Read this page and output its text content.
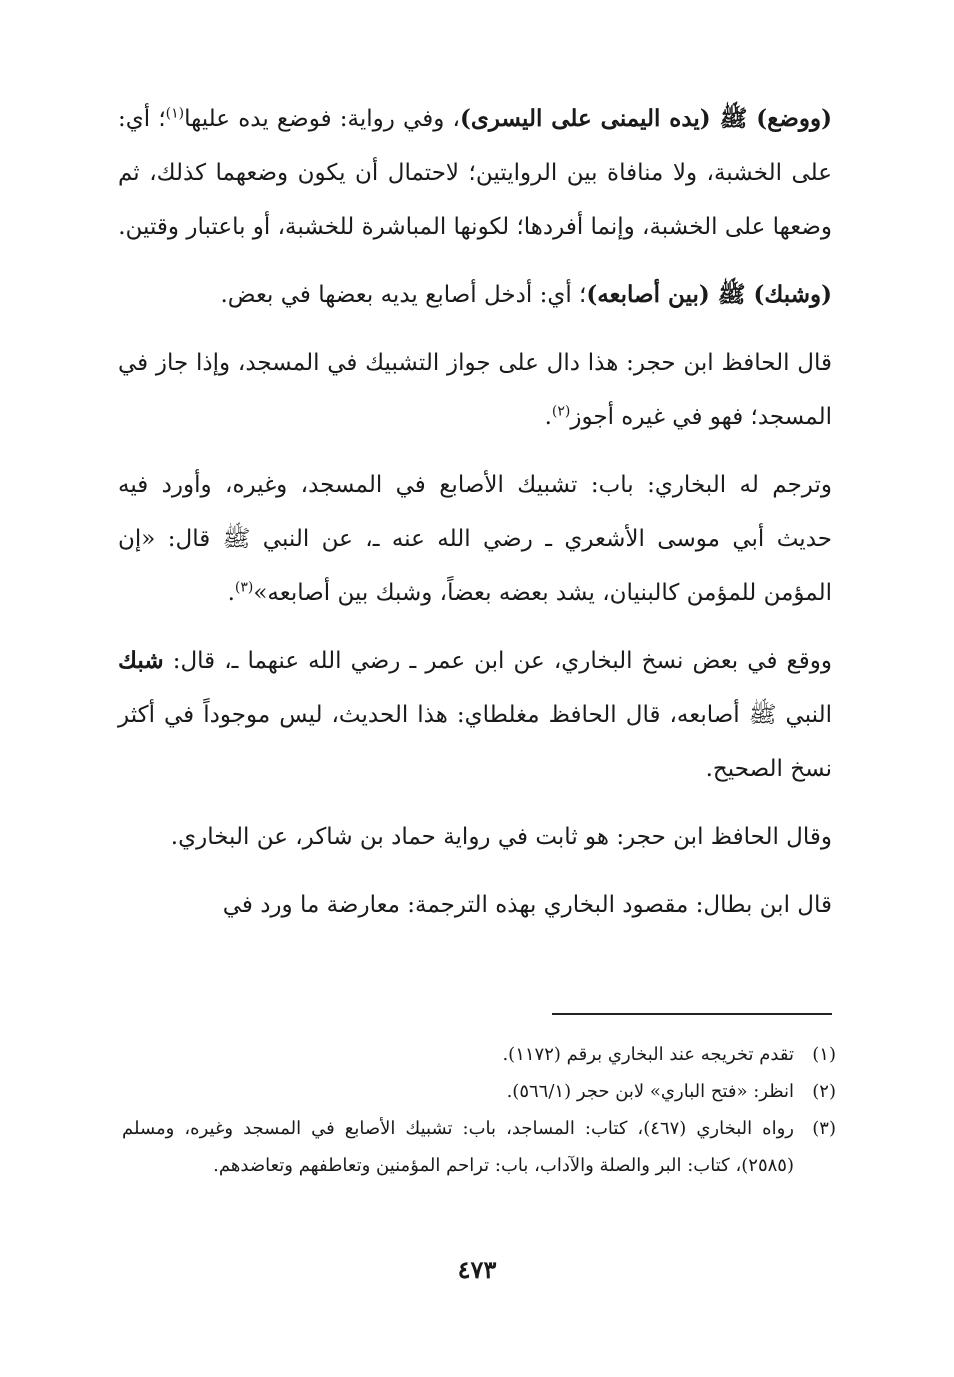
(ووضع) ﷺ (يده اليمنى على اليسرى)، وفي رواية: فوضع يده عليها$^{(١)}$؛ أي: على الخشبة، ولا منافاة بين الروايتين؛ لاحتمال أن يكون وضعهما كذلك، ثم وضعها على الخشبة، وإنما أفردها؛ لكونها المباشرة للخشبة، أو باعتبار وقتين.

(وشبك) ﷺ (بين أصابعه)؛ أي: أدخل أصابع يديه بعضها في بعض.

قال الحافظ ابن حجر: هذا دال على جواز التشبيك في المسجد، وإذا جاز في المسجد؛ فهو في غيره أجوز$^{(٢)}$.

وترجم له البخاري: باب: تشبيك الأصابع في المسجد، وغيره، وأورد فيه حديث أبي موسى الأشعري ـ رضي الله عنه ـ، عن النبي ﷺ قال: «إن المؤمن للمؤمن كالبنيان، يشد بعضه بعضاً، وشبك بين أصابعه»$^{(٣)}$.

ووقع في بعض نسخ البخاري، عن ابن عمر ـ رضي الله عنهما ـ، قال: شبك النبي ﷺ أصابعه، قال الحافظ مغلطاي: هذا الحديث، ليس موجوداً في أكثر نسخ الصحيح.

وقال الحافظ ابن حجر: هو ثابت في رواية حماد بن شاكر، عن البخاري.

قال ابن بطال: مقصود البخاري بهذه الترجمة: معارضة ما ورد في

(١)
تقدم تخريجه عند البخاري برقم (١١٧٢).
(٢)
انظر: «فتح الباري» لابن حجر (٥٦٦/١).
(٣)
رواه البخاري (٤٦٧)، كتاب: المساجد، باب: تشبيك الأصابع في المسجد وغيره، ومسلم (٢٥٨٥)، كتاب: البر والصلة والآداب، باب: تراحم المؤمنين وتعاطفهم وتعاضدهم.
٤٧٣
